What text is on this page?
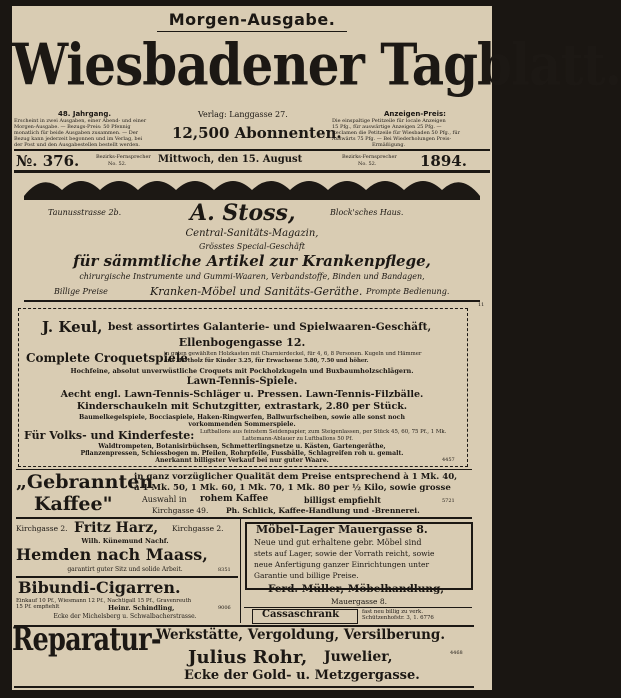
Morgen-Ausgabe.
Wiesbadener Tagblatt.
48. Jahrgang.
Erscheint in zwei Ausgaben, einer Abend- und einer
Morgen-Ausgabe. — Bezugs-Preis: 50 Pfennig
monatlich für beide Ausgaben zusammen. — Der
Bezug kann jederzeit begonnen und im Verlag, bei
der Post und den Ausgabestellen bestellt werden.
Verlag: Langgasse 27.
12,500 Abonnenten.
Anzeigen-Preis:
Die einspaltige Petitzeile für locale Anzeigen
15 Pfg., für auswärtige Anzeigen 25 Pfg. —
Reclamen die Petitzeile für Wiesbaden 50 Pfg., für
Auswärts 75 Pfg. — Bei Wiederholungen Preis-
Ermäßigung.
№. 376.	Bezirks-Fernsprecher
No. 52.	Mittwoch, den 15. August	Bezirks-Fernsprecher
No. 52.	1894.
Taunusstrasse 2b.	A. Stoss,	Block'sches Haus.
Central-Sanitäts-Magazin,
Grösstes Special-Geschäft
für sämmtliche Artikel zur Krankenpflege,
chirurgische Instrumente und Gummi-Waaren, Verbandstoffe, Binden und Bandagen,
Billige Preise	Kranken-Möbel und Sanitäts-Geräthe. Prompte Bedienung.
11
J. Keul, best assortirtes Galanterie- und Spielwaaren-Geschäft,
Ellenbogengasse 12.
Complete Croquetspiele
in guten gewählten Holzkasten mit Charnierdeckel, für 4, 6, 8 Personen. Kugeln und Hämmer
aus Hartholz für Kinder 3.25, für Erwachsene 5.80, 7.50 und höher.
Hochfeine, absolut unverwüstliche Croquets mit Pockholzkugeln und Buxbaumholzschlägern.
Lawn-Tennis-Spiele.
Aecht engl. Lawn-Tennis-Schläger u. Pressen. Lawn-Tennis-Filzbälle.
Kinderschaukeln mit Schutzgitter, extrastark, 2.80 per Stück.
Baumelkegelspiele, Bocciaspiele, Haken-Ringwerfen, Ballwurfscheiben, sowie alle sonst noch
vorkommenden Sommerspiele.
Für Volks- und Kinderfeste: Luftballons aus feinstem Seidenpapier, zum Steigenlassen, per Stück 45, 60, 75 Pf., 1 Mk.
Lattemann-Ablauer zu Luftballons 50 Pf.
Waldtrompeten, Botanisirbüchsen, Schmetterlingsnetze u. Kästen, Gartengeräthe,
Pflanzenpressen, Schiessbogen m. Pfeilen, Rohrpfeile, Fussbälle, Schlagreifen roh u. gemalt.
Anerkannt billigster Verkauf bei nur guter Waare.	4457
„Gebrannten
Kaffee"
in ganz vorzüglicher Qualität dem Preise entsprechend à 1 Mk. 40,
à 1 Mk. 50, 1 Mk. 60, 1 Mk. 70, 1 Mk. 80 per ½ Kilo, sowie grosse
Auswahl in rohem Kaffee	billigst empfiehlt	5721
Kirchgasse 49. Ph. Schlick, Kaffee-Handlung und -Brennerei.
Kirchgasse 2. Fritz Harz, Kirchgasse 2.
Wilh. Künemund Nachf.
Hemden nach Maass,
garantirt guter Sitz und solide Arbeit.	8351
Bibundi-Cigarren.
Einkauf 10 Pf., Wiesmann 12 Pf., Nachtigall 15 Pf., Gravenreuth
15 Pf. empfiehlt	Heinr. Schindling,	9006
Ecke der Michelsberg u. Schwalbacherstrasse.
Möbel-Lager Mauergasse 8.
Neue und gut erhaltene gebr. Möbel sind
stets auf Lager, sowie der Vorrath reicht, sowie
neue Anfertigung ganzer Einrichtungen unter
Garantie und billige Preise.
Ferd. Müller, Möbelhandlung,
Mauergasse 8.
Cassaschrank	fast neu billig zu verk.
Schützenhofstr. 3, 1. 6776
Reparatur-
Werkstätte, Vergoldung, Versilberung.
Julius Rohr, Juwelier,	4468
Ecke der Gold- u. Metzgergasse.
